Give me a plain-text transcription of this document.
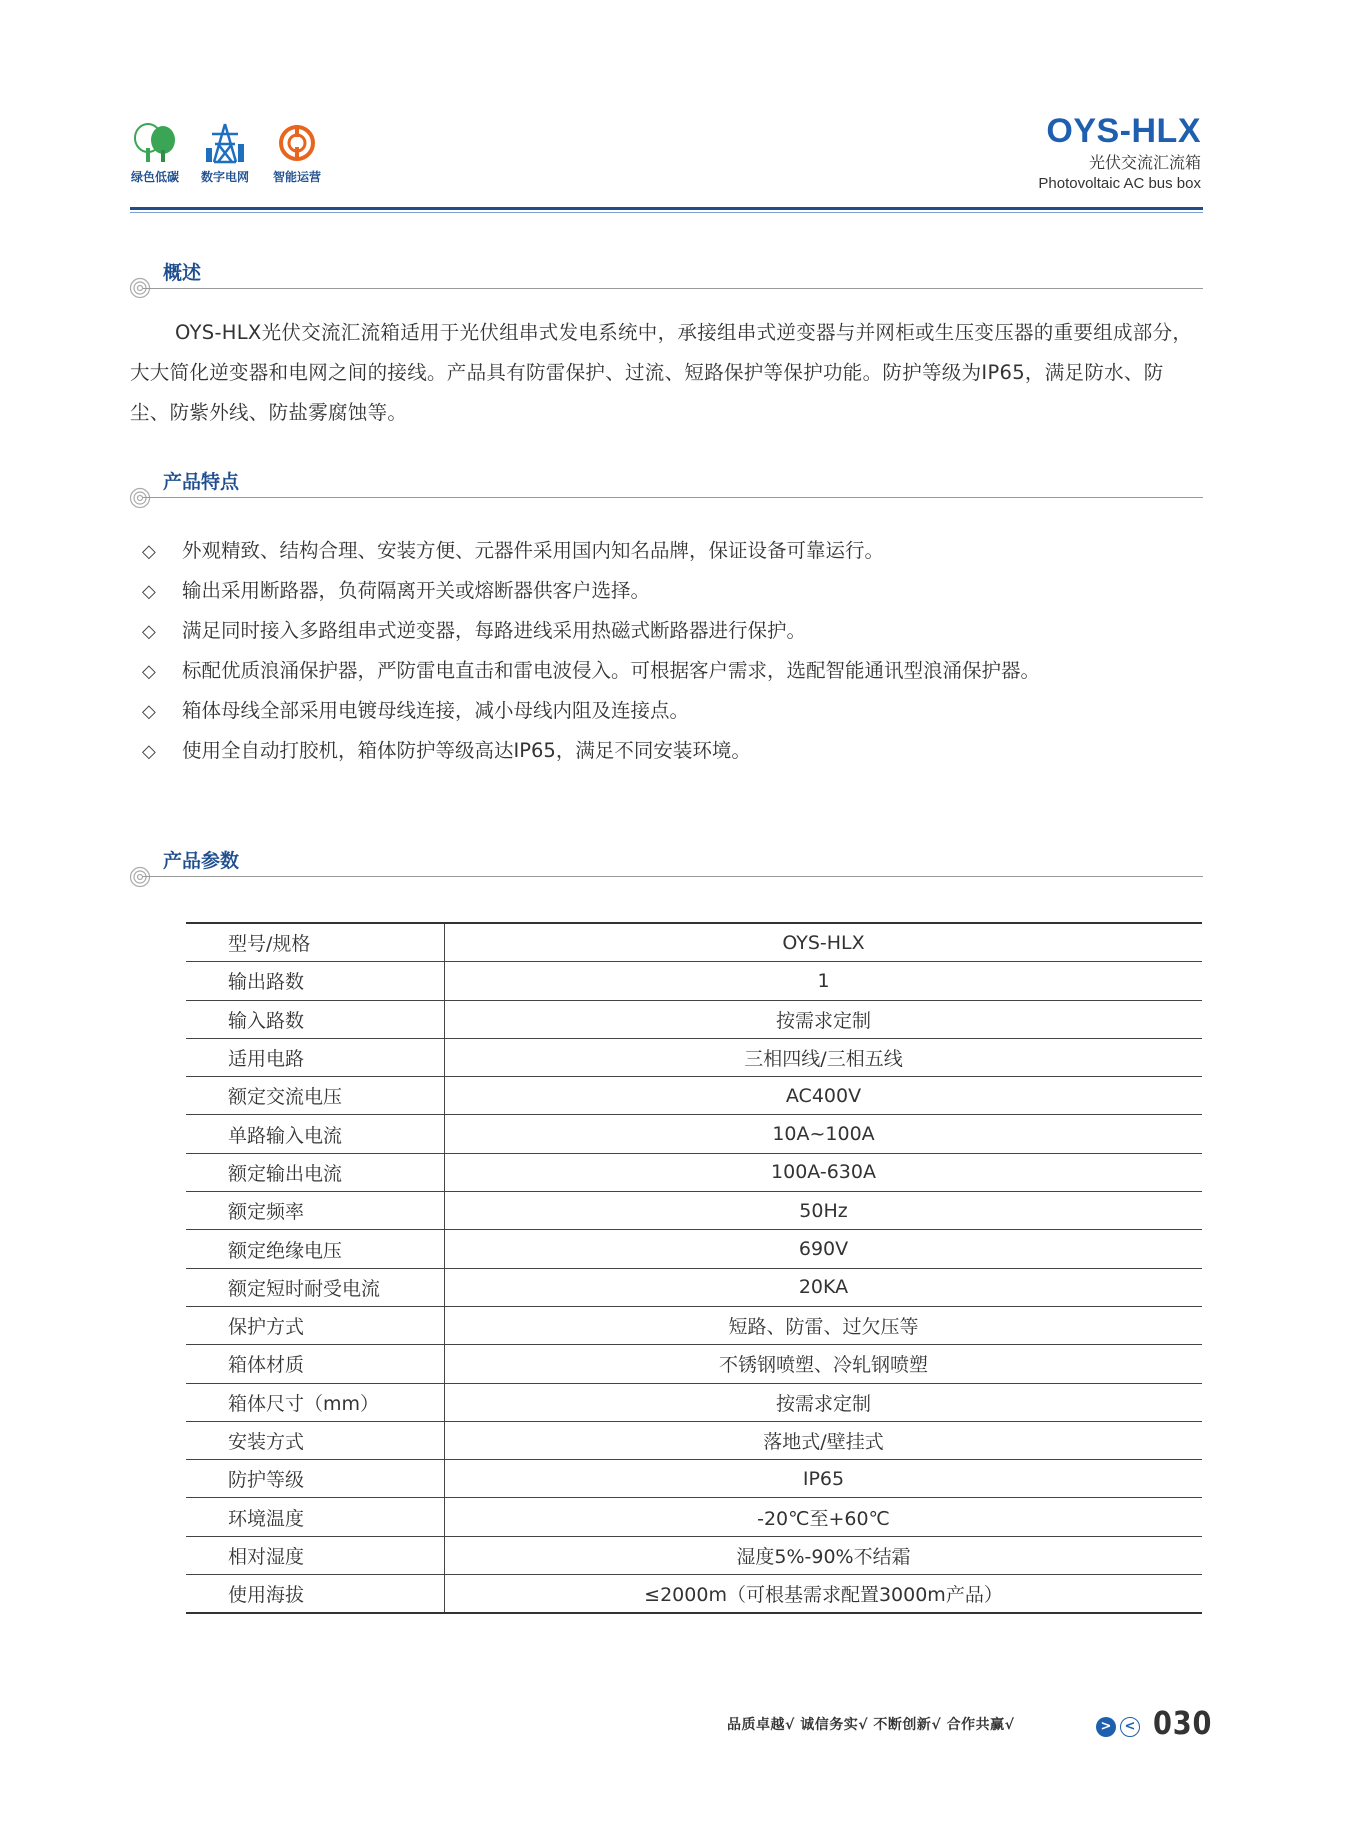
绿色低碳	数字电网	智能运营
OYS-HLX
光伏交流汇流箱
Photovoltaic AC bus box
概述
OYS-HLX光伏交流汇流箱适用于光伏组串式发电系统中，承接组串式逆变器与并网柜或生压变压器的重要组成部分，大大简化逆变器和电网之间的接线。产品具有防雷保护、过流、短路保护等保护功能。防护等级为IP65，满足防水、防尘、防紫外线、防盐雾腐蚀等。
产品特点
◇ 外观精致、结构合理、安装方便、元器件采用国内知名品牌，保证设备可靠运行。
◇ 输出采用断路器，负荷隔离开关或熔断器供客户选择。
◇ 满足同时接入多路组串式逆变器，每路进线采用热磁式断路器进行保护。
◇ 标配优质浪涌保护器，严防雷电直击和雷电波侵入。可根据客户需求，选配智能通讯型浪涌保护器。
◇ 箱体母线全部采用电镀母线连接，减小母线内阻及连接点。
◇ 使用全自动打胶机，箱体防护等级高达IP65，满足不同安装环境。
产品参数
型号/规格	OYS-HLX
输出路数	1
输入路数	按需求定制
适用电路	三相四线/三相五线
额定交流电压	AC400V
单路输入电流	10A~100A
额定输出电流	100A-630A
额定频率	50Hz
额定绝缘电压	690V
额定短时耐受电流	20KA
保护方式	短路、防雷、过欠压等
箱体材质	不锈钢喷塑、冷轧钢喷塑
箱体尺寸（mm）	按需求定制
安装方式	落地式/壁挂式
防护等级	IP65
环境温度	-20℃至+60℃
相对湿度	湿度5%-90%不结霜
使用海拔	≤2000m（可根基需求配置3000m产品）
品质卓越√ 诚信务实√ 不断创新√ 合作共赢√	>	< 030
